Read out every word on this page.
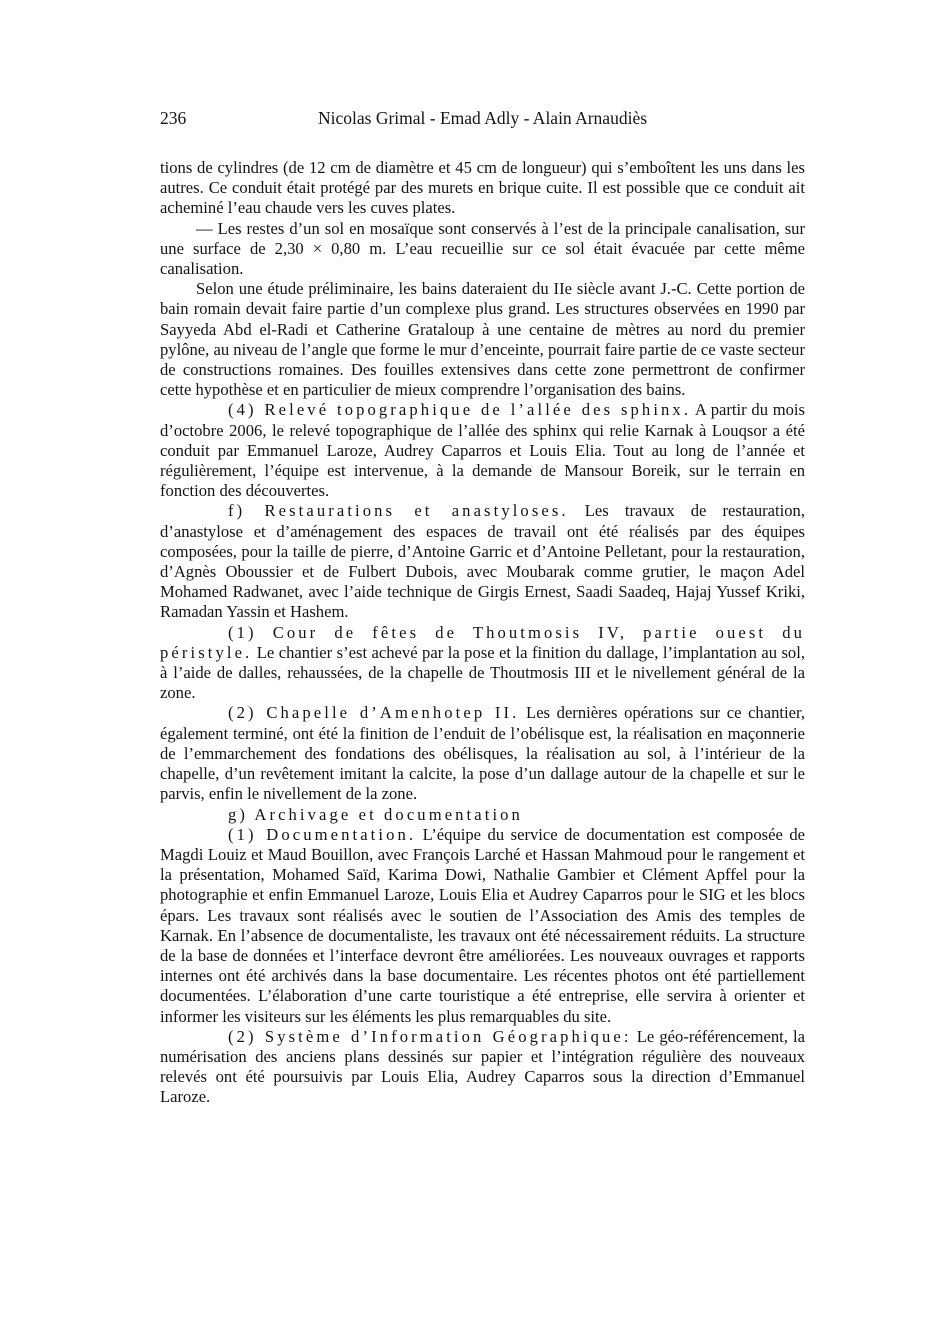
236	Nicolas Grimal - Emad Adly - Alain Arnaudiès

tions de cylindres (de 12 cm de diamètre et 45 cm de longueur) qui s’emboîtent les uns dans les autres. Ce conduit était protégé par des murets en brique cuite. Il est possible que ce conduit ait acheminé l’eau chaude vers les cuves plates.

— Les restes d’un sol en mosaïque sont conservés à l’est de la principale canalisation, sur une surface de 2,30 × 0,80 m. L’eau recueillie sur ce sol était évacuée par cette même canalisation.

Selon une étude préliminaire, les bains dateraient du IIe siècle avant J.-C. Cette portion de bain romain devait faire partie d’un complexe plus grand. Les structures observées en 1990 par Sayyeda Abd el-Radi et Catherine Grataloup à une centaine de mètres au nord du premier pylône, au niveau de l’angle que forme le mur d’enceinte, pourrait faire partie de ce vaste secteur de constructions romaines. Des fouilles extensives dans cette zone permettront de confirmer cette hypothèse et en particulier de mieux comprendre l’organisation des bains.

(4) Relevé topographique de l’allée des sphinx. A partir du mois d’octobre 2006, le relevé topographique de l’allée des sphinx qui relie Karnak à Louqsor a été conduit par Emmanuel Laroze, Audrey Caparros et Louis Elia. Tout au long de l’année et régulièrement, l’équipe est intervenue, à la demande de Mansour Boreik, sur le terrain en fonction des découvertes.

f) Restaurations et anastyloses. Les travaux de restauration, d’anastylose et d’aménagement des espaces de travail ont été réalisés par des équipes composées, pour la taille de pierre, d’Antoine Garric et d’Antoine Pelletant, pour la restauration, d’Agnès Oboussier et de Fulbert Dubois, avec Moubarak comme grutier, le maçon Adel Mohamed Radwanet, avec l’aide technique de Girgis Ernest, Saadi Saadeq, Hajaj Yussef Kriki, Ramadan Yassin et Hashem.

(1) Cour de fêtes de Thoutmosis IV, partie ouest du péristyle. Le chantier s’est achevé par la pose et la finition du dallage, l’implantation au sol, à l’aide de dalles, rehaussées, de la chapelle de Thoutmosis III et le nivellement général de la zone.

(2) Chapelle d’Amenhotep II. Les dernières opérations sur ce chantier, également terminé, ont été la finition de l’enduit de l’obélisque est, la réalisation en maçonnerie de l’emmarchement des fondations des obélisques, la réalisation au sol, à l’intérieur de la chapelle, d’un revêtement imitant la calcite, la pose d’un dallage autour de la chapelle et sur le parvis, enfin le nivellement de la zone.

g) Archivage et documentation

(1) Documentation. L’équipe du service de documentation est composée de Magdi Louiz et Maud Bouillon, avec François Larché et Hassan Mahmoud pour le rangement et la présentation, Mohamed Saïd, Karima Dowi, Nathalie Gambier et Clément Apffel pour la photographie et enfin Emmanuel Laroze, Louis Elia et Audrey Caparros pour le SIG et les blocs épars. Les travaux sont réalisés avec le soutien de l’Association des Amis des temples de Karnak. En l’absence de documentaliste, les travaux ont été nécessairement réduits. La structure de la base de données et l’interface devront être améliorées. Les nouveaux ouvrages et rapports internes ont été archivés dans la base documentaire. Les récentes photos ont été partiellement documentées. L’élaboration d’une carte touristique a été entreprise, elle servira à orienter et informer les visiteurs sur les éléments les plus remarquables du site.

(2) Système d’Information Géographique: Le géo-référencement, la numérisation des anciens plans dessinés sur papier et l’intégration régulière des nouveaux relevés ont été poursuivis par Louis Elia, Audrey Caparros sous la direction d’Emmanuel Laroze.
